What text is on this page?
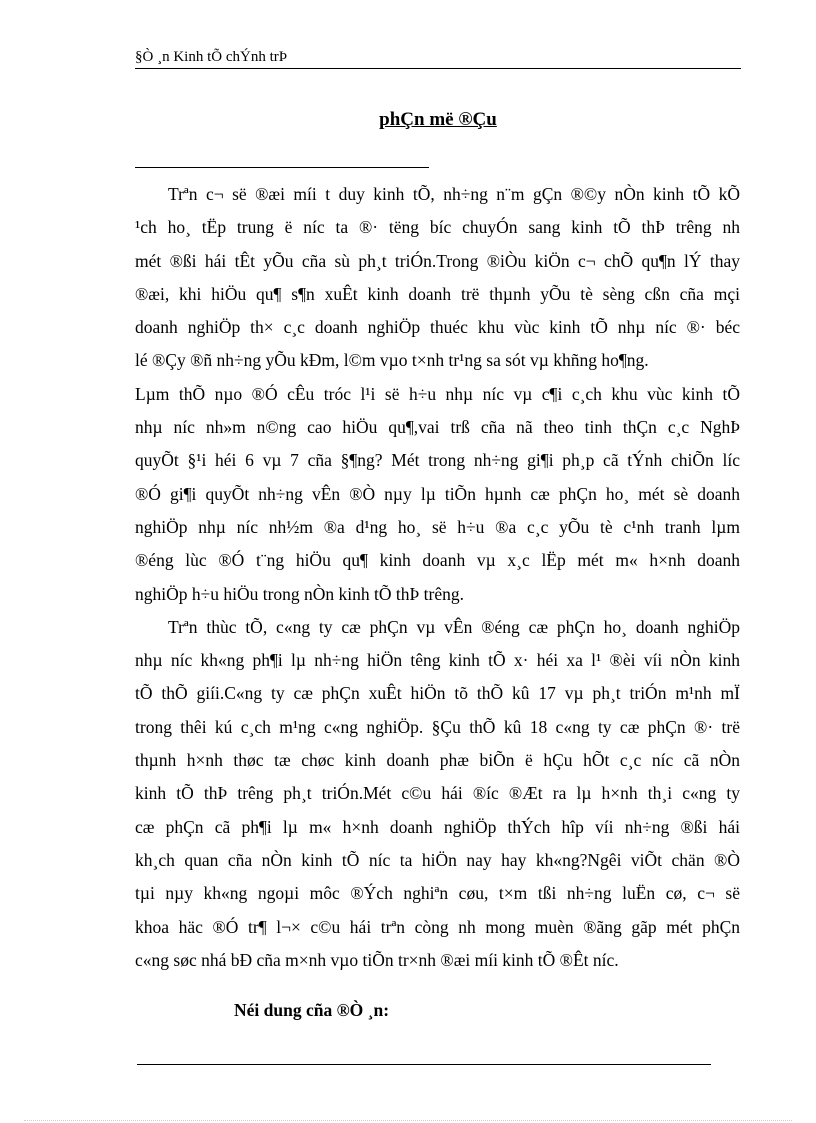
§Ò ¸n Kinh tÕ chÝnh trÞ
phÇn më ®Çu
Trªn c¬ së ®æi míi t duy kinh tÕ, nh÷ng n¨m gÇn ®©y nÒn kinh tÕ kÕ
¹ch ho¸ tËp trung ë níc ta ®· tëng bíc chuyÓn sang kinh tÕ thÞ trêng nh
mét ®ßi hái tÊt yÕu cña sù ph¸t triÓn.Trong ®iÒu kiÖn c¬ chÕ qu¶n lÝ thay
®æi, khi hiÖu qu¶ s¶n xuÊt kinh doanh trë thµnh yÕu tè sèng cßn cña mçi
doanh nghiÖp th× c¸c doanh nghiÖp thuéc khu vùc kinh tÕ nhµ níc ®· béc
lé ®Çy ®ñ nh÷ng yÕu kÐm, l©m vµo t×nh tr¹ng sa sót vµ khñng ho¶ng.
Lµm thÕ nµo ®Ó cÊu tróc l¹i së h÷u nhµ níc vµ c¶i c¸ch khu vùc kinh tÕ
nhµ níc nh»m n©ng cao hiÖu qu¶,vai trß cña nã theo tinh thÇn c¸c NghÞ
quyÕt §¹i héi 6 vµ 7 cña §¶ng? Mét trong nh÷ng gi¶i ph¸p cã tÝnh chiÕn líc
®Ó gi¶i quyÕt nh÷ng vÊn ®Ò nµy lµ tiÕn hµnh cæ phÇn ho¸ mét sè doanh
nghiÖp nhµ níc nh½m ®a d¹ng ho¸ së h÷u ®a c¸c yÕu tè c¹nh tranh lµm
®éng lùc ®Ó t¨ng hiÖu qu¶ kinh doanh vµ x¸c lËp mét m« h×nh doanh
nghiÖp h÷u hiÖu trong nÒn kinh tÕ thÞ trêng.
Trªn thùc tÕ, c«ng ty cæ phÇn vµ vÊn ®éng cæ phÇn ho¸ doanh nghiÖp
nhµ níc kh«ng ph¶i lµ nh÷ng hiÖn têng kinh tÕ x· héi xa l¹ ®èi víi nÒn kinh
tÕ thÕ giíi.C«ng ty cæ phÇn xuÊt hiÖn tõ thÕ kû 17 vµ ph¸t triÓn m¹nh mÏ
trong thêi kú c¸ch m¹ng c«ng nghiÖp. §Çu thÕ kû 18 c«ng ty cæ phÇn ®· trë
thµnh h×nh thøc tæ chøc kinh doanh phæ biÕn ë hÇu hÕt c¸c níc cã nÒn
kinh tÕ thÞ trêng ph¸t triÓn.Mét c©u hái ®íc ®Æt ra lµ h×nh th¸i c«ng ty
cæ phÇn cã ph¶i lµ m« h×nh doanh nghiÖp thÝch hîp víi nh÷ng ®ßi hái
kh¸ch quan cña nÒn kinh tÕ níc ta hiÖn nay hay kh«ng?Ngêi viÕt chän ®Ò
tµi nµy kh«ng ngoµi môc ®Ých nghiªn cøu, t×m tßi nh÷ng luËn cø, c¬ së
khoa häc ®Ó tr¶ l¬× c©u hái trªn còng nh mong muèn ®ãng gãp mét phÇn
c«ng søc nhá bÐ cña m×nh vµo tiÕn tr×nh ®æi míi kinh tÕ ®Êt níc.
Néi dung cña ®Ò ¸n:
